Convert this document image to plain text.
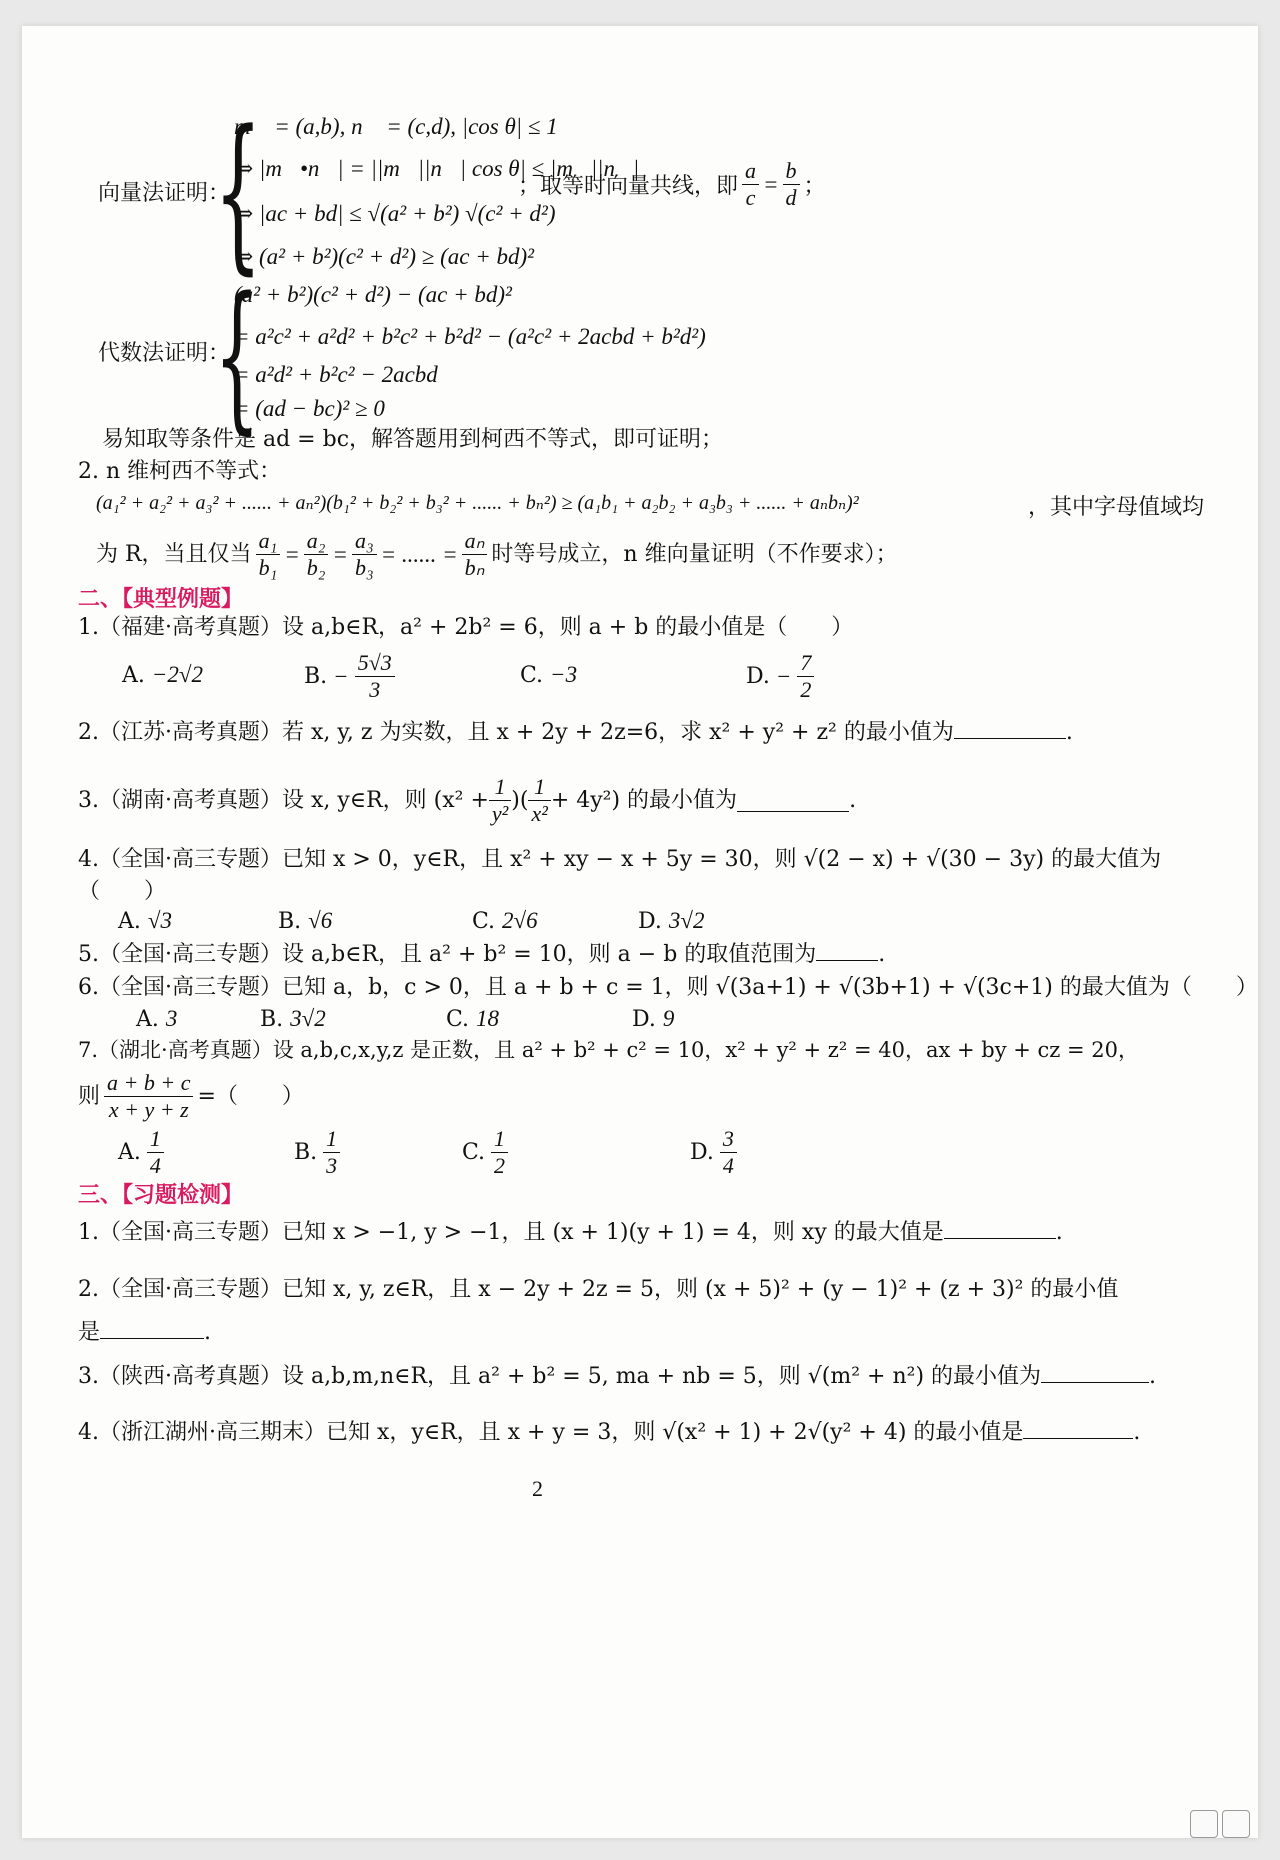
向量法证明：
{
m⃗ = (a,b), n⃗ = (c,d), |cos θ| ≤ 1
⇒ |m⃗•n⃗| = ||m⃗||n⃗| cos θ| ≤ |m⃗||n⃗|
⇒ |ac + bd| ≤ √(a² + b²) √(c² + d²)
⇒ (a² + b²)(c² + d²) ≥ (ac + bd)²
；取等时向量共线，即 $\frac{a}{c} = \frac{b}{d}$ ；
代数法证明：
{
(a² + b²)(c² + d²) − (ac + bd)²
= a²c² + a²d² + b²c² + b²d² − (a²c² + 2acbd + b²d²)
= a²d² + b²c² − 2acbd
= (ad − bc)² ≥ 0
易知取等条件是 ad = bc，解答题用到柯西不等式，即可证明；
2. n 维柯西不等式：
(a₁² + a₂² + a₃² + ...... + aₙ²)(b₁² + b₂² + b₃² + ...... + bₙ²) ≥ (a₁b₁ + a₂b₂ + a₃b₃ + ...... + aₙbₙ)²	，其中字母值域均
为 R，当且仅当 $\frac{\text{a₁}}{\text{b₁}} = \frac{\text{a₂}}{\text{b₂}} = \frac{\text{a₃}}{\text{b₃}}$ = ...... = $\frac{\text{aₙ}}{\text{bₙ}}$ 时等号成立，n 维向量证明（不作要求）；
二、【典型例题】
1.（福建·高考真题）设 a,b∈R，a² + 2b² = 6，则 a + b 的最小值是（　　）
A. −2√2	B. − $\frac{5√3}{3}$	C. −3	D. − $\frac{7}{2}$
2.（江苏·高考真题）若 x, y, z 为实数，且 x + 2y + 2z=6，求 x² + y² + z² 的最小值为	.
3.（湖南·高考真题）设 x, y∈R，则 ($x^2 + \frac{1}{\text{y²}}$ )( $\frac{1}{\text{x²}} + 4y^2$) 的最小值为	.
4.（全国·高三专题）已知 x > 0，y∈R，且 x² + xy − x + 5y = 30，则 √(2 − x) + √(30 − 3y) 的最大值为
（　　）
A. √3	B. √6	C. 2√6	D. 3√2
5.（全国·高三专题）设 a,b∈R，且 a² + b² = 10，则 a − b 的取值范围为	.
6.（全国·高三专题）已知 a，b，c > 0，且 a + b + c = 1，则 √(3a+1) + √(3b+1) + √(3c+1) 的最大值为（　　）
A. 3	B. 3√2	C. 18	D. 9
7.（湖北·高考真题）设 a,b,c,x,y,z 是正数，且 a² + b² + c² = 10，x² + y² + z² = 40，ax + by + cz = 20，
则 $\frac{a + b + c}{x + y + z}$ =（　　）
A. $\frac{1}{4}$	B. $\frac{1}{3}$	C. $\frac{1}{2}$	D. $\frac{3}{4}$
三、【习题检测】
1.（全国·高三专题）已知 x > −1, y > −1，且 (x + 1)(y + 1) = 4，则 xy 的最大值是	.
2.（全国·高三专题）已知 x, y, z∈R，且 x − 2y + 2z = 5，则 (x + 5)² + (y − 1)² + (z + 3)² 的最小值
是	.
3.（陕西·高考真题）设 a,b,m,n∈R，且 a² + b² = 5, ma + nb = 5，则 √(m² + n²) 的最小值为	.
4.（浙江湖州·高三期末）已知 x，y∈R，且 x + y = 3，则 √(x² + 1) + 2√(y² + 4) 的最小值是	.
2
